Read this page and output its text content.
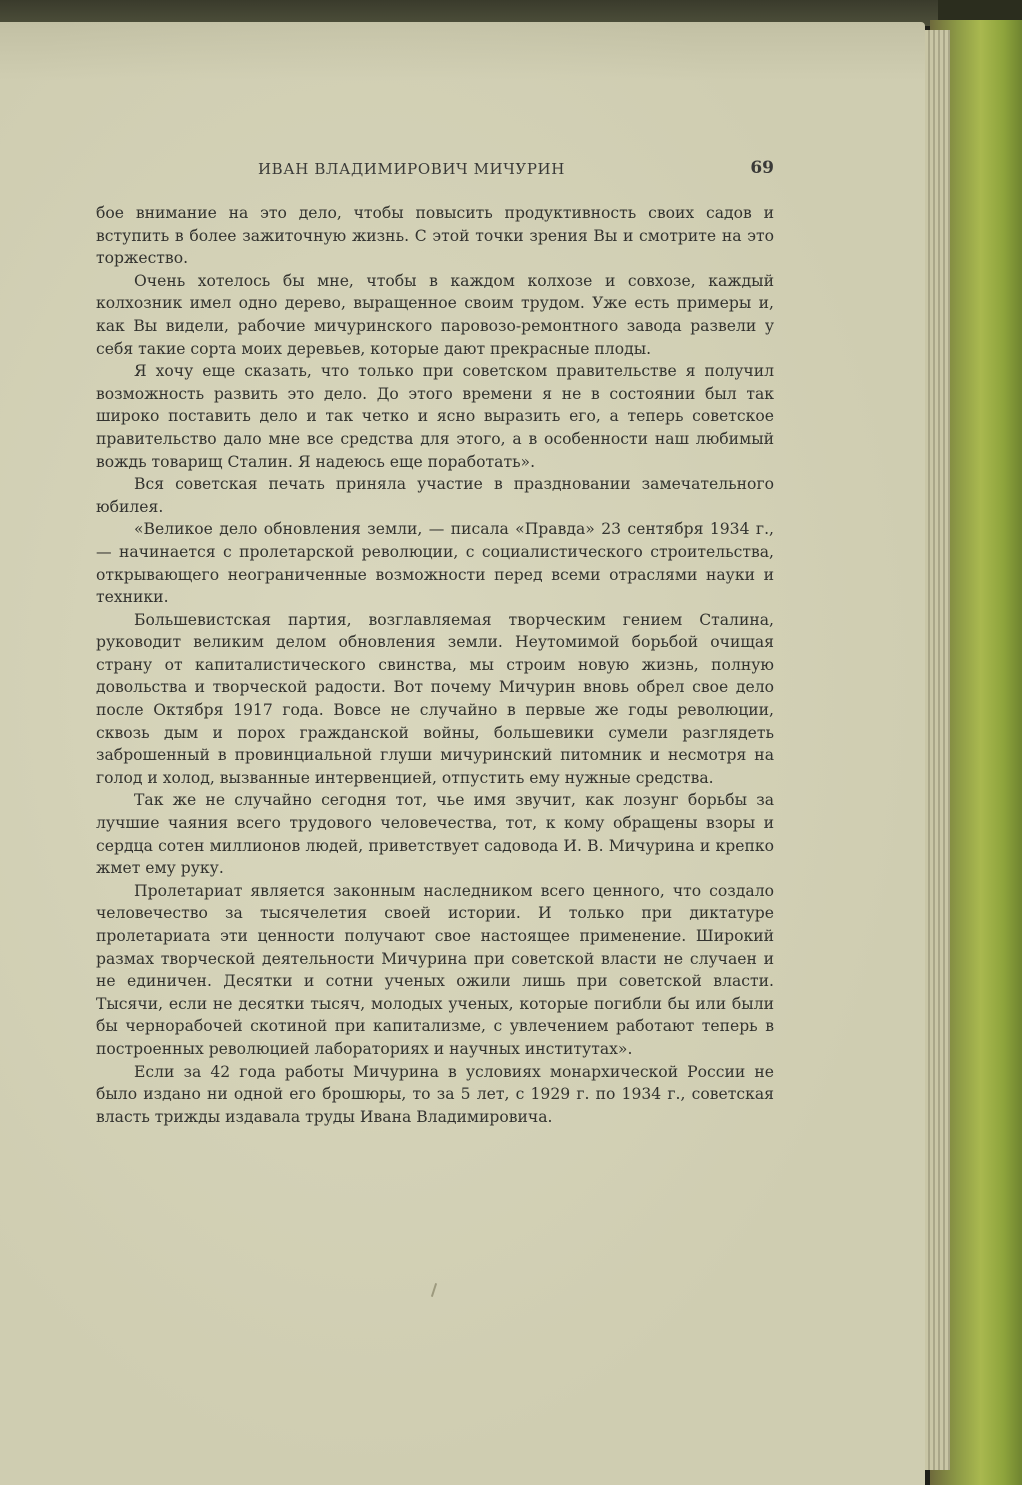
ИВАН ВЛАДИМИРОВИЧ МИЧУРИН	69

бое внимание на это дело, чтобы повысить продуктивность своих садов и вступить в более зажиточную жизнь. С этой точки зрения Вы и смотрите на это торжество.

Очень хотелось бы мне, чтобы в каждом колхозе и совхозе, каждый колхозник имел одно дерево, выращенное своим трудом. Уже есть примеры и, как Вы видели, рабочие мичуринского паровозо-ремонтного завода развели у себя такие сорта моих деревьев, которые дают прекрасные плоды.

Я хочу еще сказать, что только при советском правительстве я получил возможность развить это дело. До этого времени я не в состоянии был так широко поставить дело и так четко и ясно выразить его, а теперь советское правительство дало мне все средства для этого, а в особенности наш любимый вождь товарищ Сталин. Я надеюсь еще поработать».

Вся советская печать приняла участие в праздновании замечательного юбилея.

«Великое дело обновления земли, — писала «Правда» 23 сентября 1934 г., — начинается с пролетарской революции, с социалистического строительства, открывающего неограниченные возможности перед всеми отраслями науки и техники.

Большевистская партия, возглавляемая творческим гением Сталина, руководит великим делом обновления земли. Неутомимой борьбой очищая страну от капиталистического свинства, мы строим новую жизнь, полную довольства и творческой радости. Вот почему Мичурин вновь обрел свое дело после Октября 1917 года. Вовсе не случайно в первые же годы революции, сквозь дым и порох гражданской войны, большевики сумели разглядеть заброшенный в провинциальной глуши мичуринский питомник и несмотря на голод и холод, вызванные интервенцией, отпустить ему нужные средства.

Так же не случайно сегодня тот, чье имя звучит, как лозунг борьбы за лучшие чаяния всего трудового человечества, тот, к кому обращены взоры и сердца сотен миллионов людей, приветствует садовода И. В. Мичурина и крепко жмет ему руку.

Пролетариат является законным наследником всего ценного, что создало человечество за тысячелетия своей истории. И только при диктатуре пролетариата эти ценности получают свое настоящее применение. Широкий размах творческой деятельности Мичурина при советской власти не случаен и не единичен. Десятки и сотни ученых ожили лишь при советской власти. Тысячи, если не десятки тысяч, молодых ученых, которые погибли бы или были бы чернорабочей скотиной при капитализме, с увлечением работают теперь в построенных революцией лабораториях и научных институтах».

Если за 42 года работы Мичурина в условиях монархической России не было издано ни одной его брошюры, то за 5 лет, с 1929 г. по 1934 г., советская власть трижды издавала труды Ивана Владимировича.
